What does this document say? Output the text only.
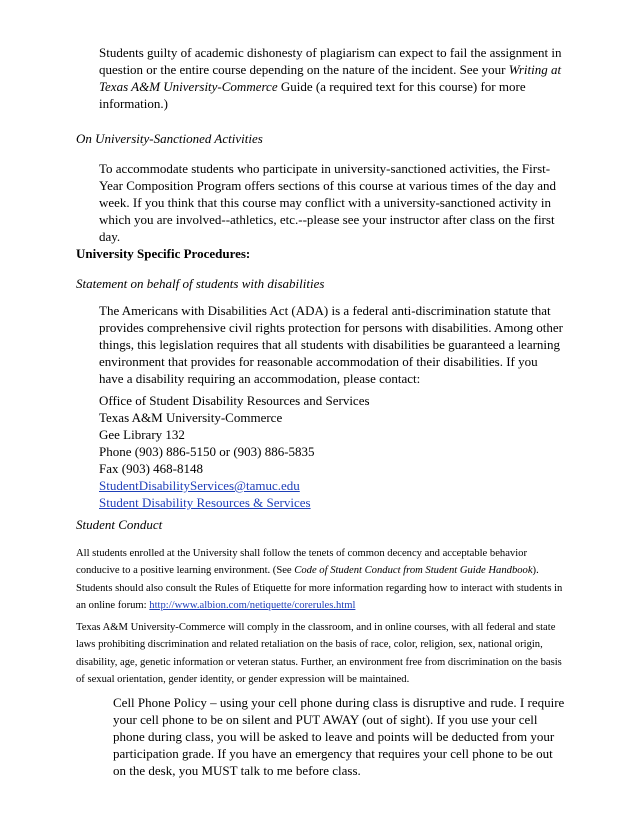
Students guilty of academic dishonesty of plagiarism can expect to fail the assignment in question or the entire course depending on the nature of the incident. See your Writing at Texas A&M University-Commerce Guide (a required text for this course) for more information.)

On University-Sanctioned Activities

To accommodate students who participate in university-sanctioned activities, the First-Year Composition Program offers sections of this course at various times of the day and week. If you think that this course may conflict with a university-sanctioned activity in which you are involved--athletics, etc.--please see your instructor after class on the first day.

University Specific Procedures:

Statement on behalf of students with disabilities

The Americans with Disabilities Act (ADA) is a federal anti-discrimination statute that provides comprehensive civil rights protection for persons with disabilities. Among other things, this legislation requires that all students with disabilities be guaranteed a learning environment that provides for reasonable accommodation of their disabilities. If you have a disability requiring an accommodation, please contact:

Office of Student Disability Resources and Services
Texas A&M University-Commerce
Gee Library 132
Phone (903) 886-5150 or (903) 886-5835
Fax (903) 468-8148
StudentDisabilityServices@tamuc.edu
Student Disability Resources & Services

Student Conduct

All students enrolled at the University shall follow the tenets of common decency and acceptable behavior conducive to a positive learning environment. (See Code of Student Conduct from Student Guide Handbook). Students should also consult the Rules of Etiquette for more information regarding how to interact with students in an online forum: http://www.albion.com/netiquette/corerules.html

Texas A&M University-Commerce will comply in the classroom, and in online courses, with all federal and state laws prohibiting discrimination and related retaliation on the basis of race, color, religion, sex, national origin, disability, age, genetic information or veteran status. Further, an environment free from discrimination on the basis of sexual orientation, gender identity, or gender expression will be maintained.

Cell Phone Policy – using your cell phone during class is disruptive and rude. I require your cell phone to be on silent and PUT AWAY (out of sight). If you use your cell phone during class, you will be asked to leave and points will be deducted from your participation grade. If you have an emergency that requires your cell phone to be out on the desk, you MUST talk to me before class.
